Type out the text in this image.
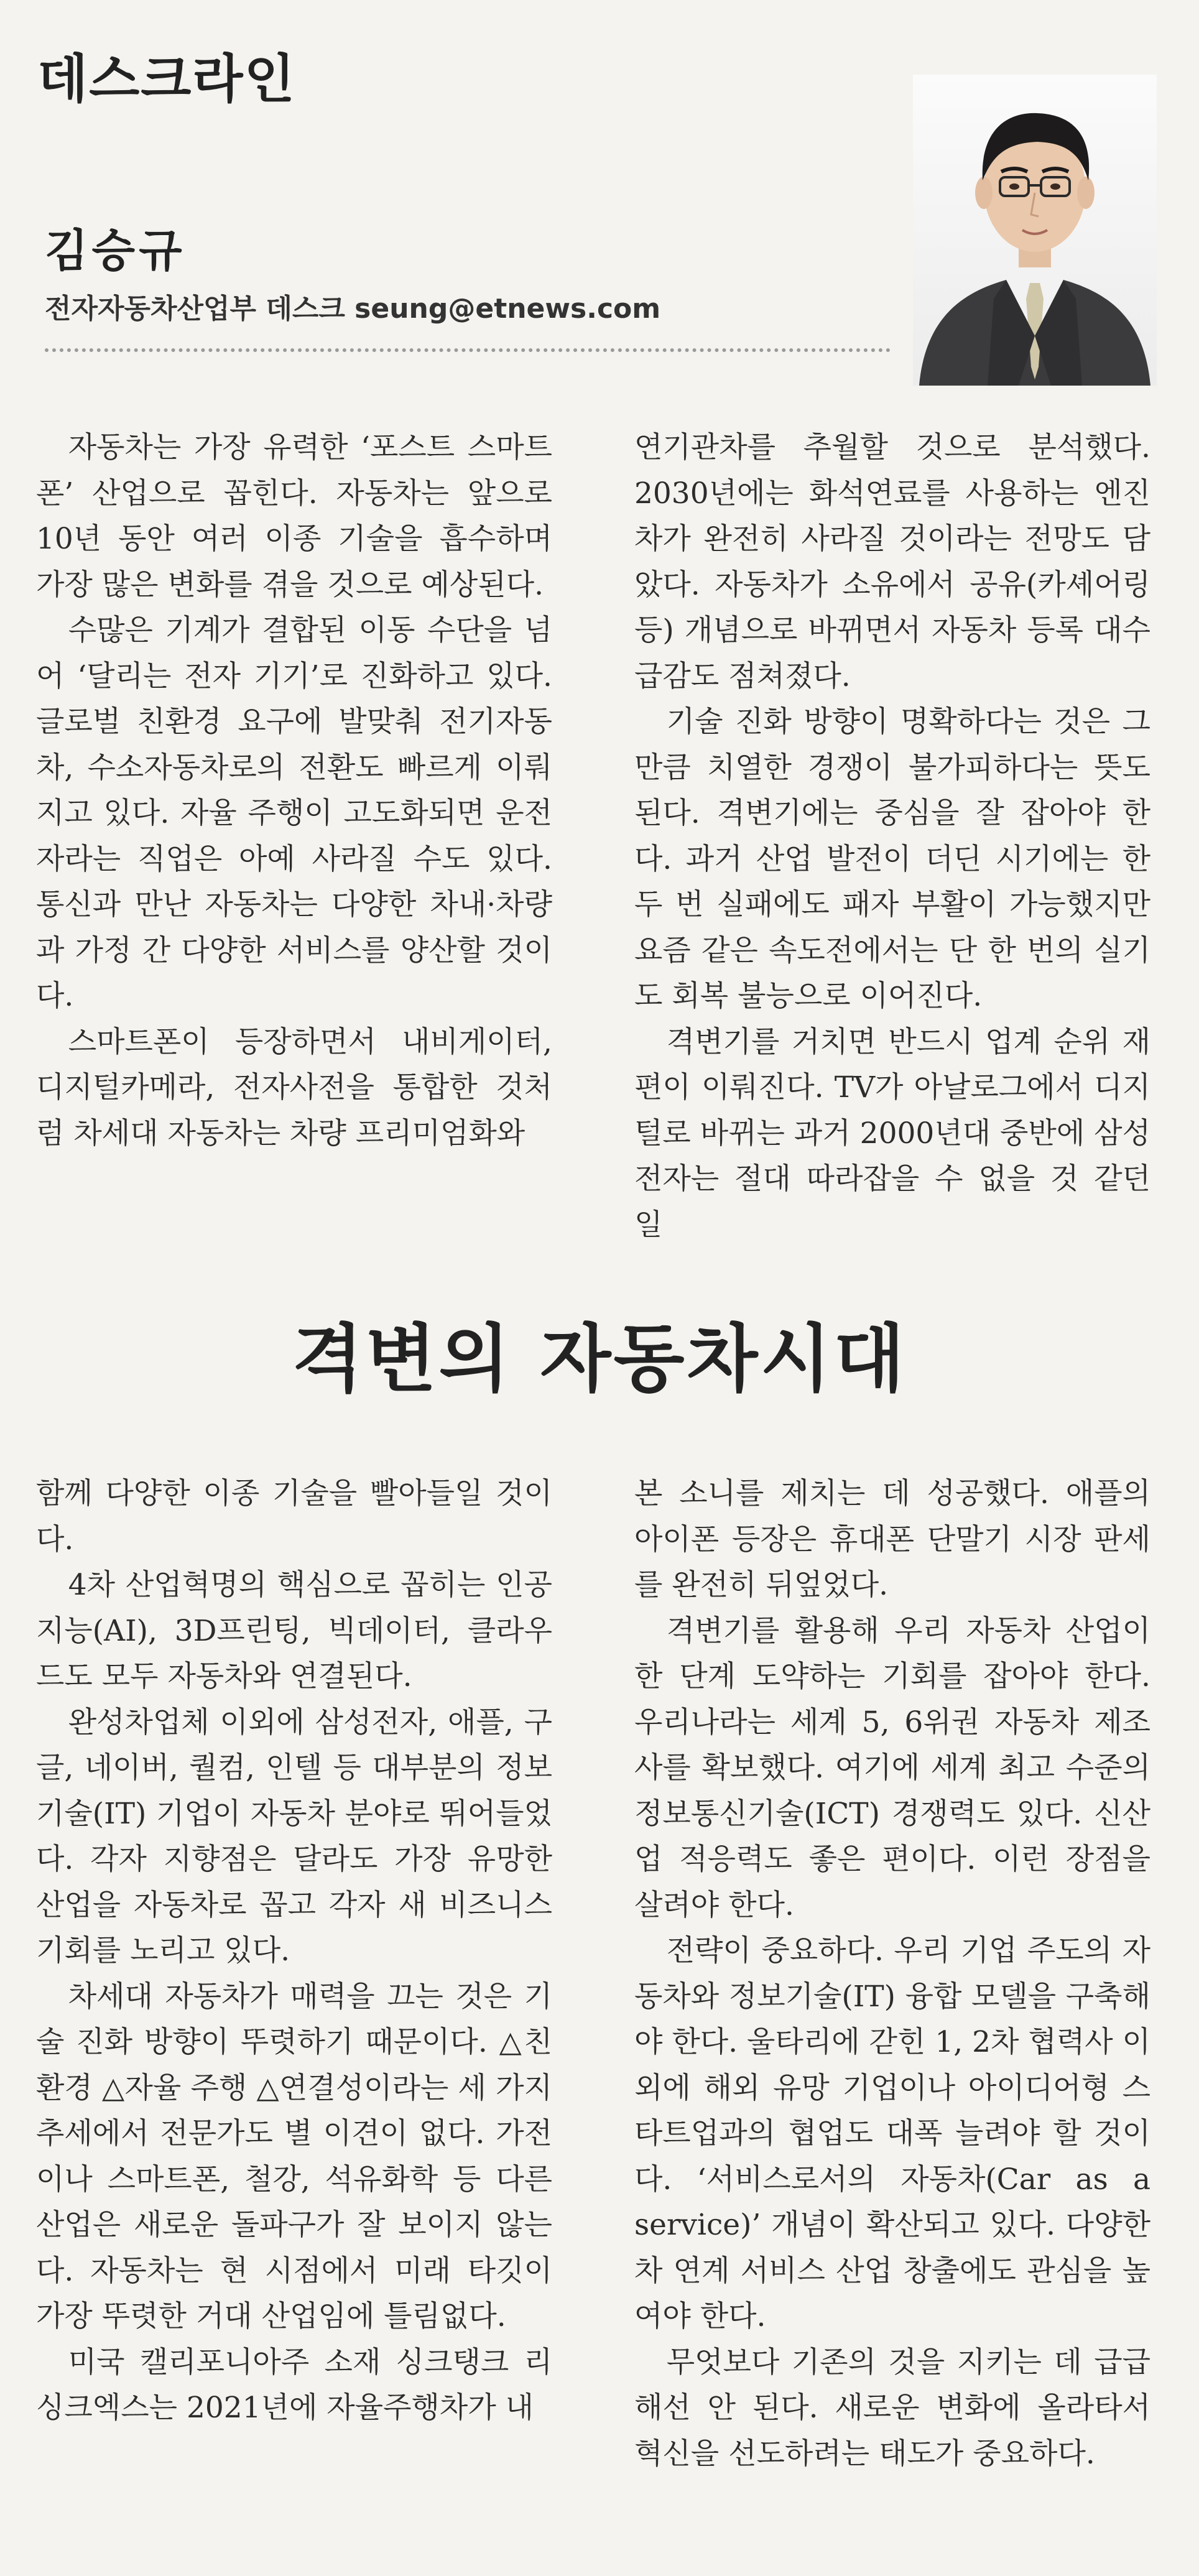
데스크라인
김승규
전자자동차산업부 데스크 seung@etnews.com

자동차는 가장 유력한 ‘포스트 스마트폰’ 산업으로 꼽힌다. 자동차는 앞으로 10년 동안 여러 이종 기술을 흡수하며 가장 많은 변화를 겪을 것으로 예상된다.

수많은 기계가 결합된 이동 수단을 넘어 ‘달리는 전자 기기’로 진화하고 있다. 글로벌 친환경 요구에 발맞춰 전기자동차, 수소자동차로의 전환도 빠르게 이뤄지고 있다. 자율 주행이 고도화되면 운전자라는 직업은 아예 사라질 수도 있다. 통신과 만난 자동차는 다양한 차내·차량과 가정 간 다양한 서비스를 양산할 것이다.

스마트폰이 등장하면서 내비게이터, 디지털카메라, 전자사전을 통합한 것처럼 차세대 자동차는 차량 프리미엄화와

연기관차를 추월할 것으로 분석했다. 2030년에는 화석연료를 사용하는 엔진차가 완전히 사라질 것이라는 전망도 담았다. 자동차가 소유에서 공유(카셰어링 등) 개념으로 바뀌면서 자동차 등록 대수 급감도 점쳐졌다.

기술 진화 방향이 명확하다는 것은 그만큼 치열한 경쟁이 불가피하다는 뜻도 된다. 격변기에는 중심을 잘 잡아야 한다. 과거 산업 발전이 더딘 시기에는 한두 번 실패에도 패자 부활이 가능했지만 요즘 같은 속도전에서는 단 한 번의 실기도 회복 불능으로 이어진다.

격변기를 거치면 반드시 업계 순위 재편이 이뤄진다. TV가 아날로그에서 디지털로 바뀌는 과거 2000년대 중반에 삼성전자는 절대 따라잡을 수 없을 것 같던 일

격변의 자동차시대

함께 다양한 이종 기술을 빨아들일 것이다.

4차 산업혁명의 핵심으로 꼽히는 인공지능(AI), 3D프린팅, 빅데이터, 클라우드도 모두 자동차와 연결된다.

완성차업체 이외에 삼성전자, 애플, 구글, 네이버, 퀄컴, 인텔 등 대부분의 정보기술(IT) 기업이 자동차 분야로 뛰어들었다. 각자 지향점은 달라도 가장 유망한 산업을 자동차로 꼽고 각자 새 비즈니스 기회를 노리고 있다.

차세대 자동차가 매력을 끄는 것은 기술 진화 방향이 뚜렷하기 때문이다. △친환경 △자율 주행 △연결성이라는 세 가지 추세에서 전문가도 별 이견이 없다. 가전이나 스마트폰, 철강, 석유화학 등 다른 산업은 새로운 돌파구가 잘 보이지 않는다. 자동차는 현 시점에서 미래 타깃이 가장 뚜렷한 거대 산업임에 틀림없다.

미국 캘리포니아주 소재 싱크탱크 리싱크엑스는 2021년에 자율주행차가 내

본 소니를 제치는 데 성공했다. 애플의 아이폰 등장은 휴대폰 단말기 시장 판세를 완전히 뒤엎었다.

격변기를 활용해 우리 자동차 산업이 한 단계 도약하는 기회를 잡아야 한다. 우리나라는 세계 5, 6위권 자동차 제조사를 확보했다. 여기에 세계 최고 수준의 정보통신기술(ICT) 경쟁력도 있다. 신산업 적응력도 좋은 편이다. 이런 장점을 살려야 한다.

전략이 중요하다. 우리 기업 주도의 자동차와 정보기술(IT) 융합 모델을 구축해야 한다. 울타리에 갇힌 1, 2차 협력사 이외에 해외 유망 기업이나 아이디어형 스타트업과의 협업도 대폭 늘려야 할 것이다. ‘서비스로서의 자동차(Car as a service)’ 개념이 확산되고 있다. 다양한 차 연계 서비스 산업 창출에도 관심을 높여야 한다.

무엇보다 기존의 것을 지키는 데 급급해선 안 된다. 새로운 변화에 올라타서 혁신을 선도하려는 태도가 중요하다.
